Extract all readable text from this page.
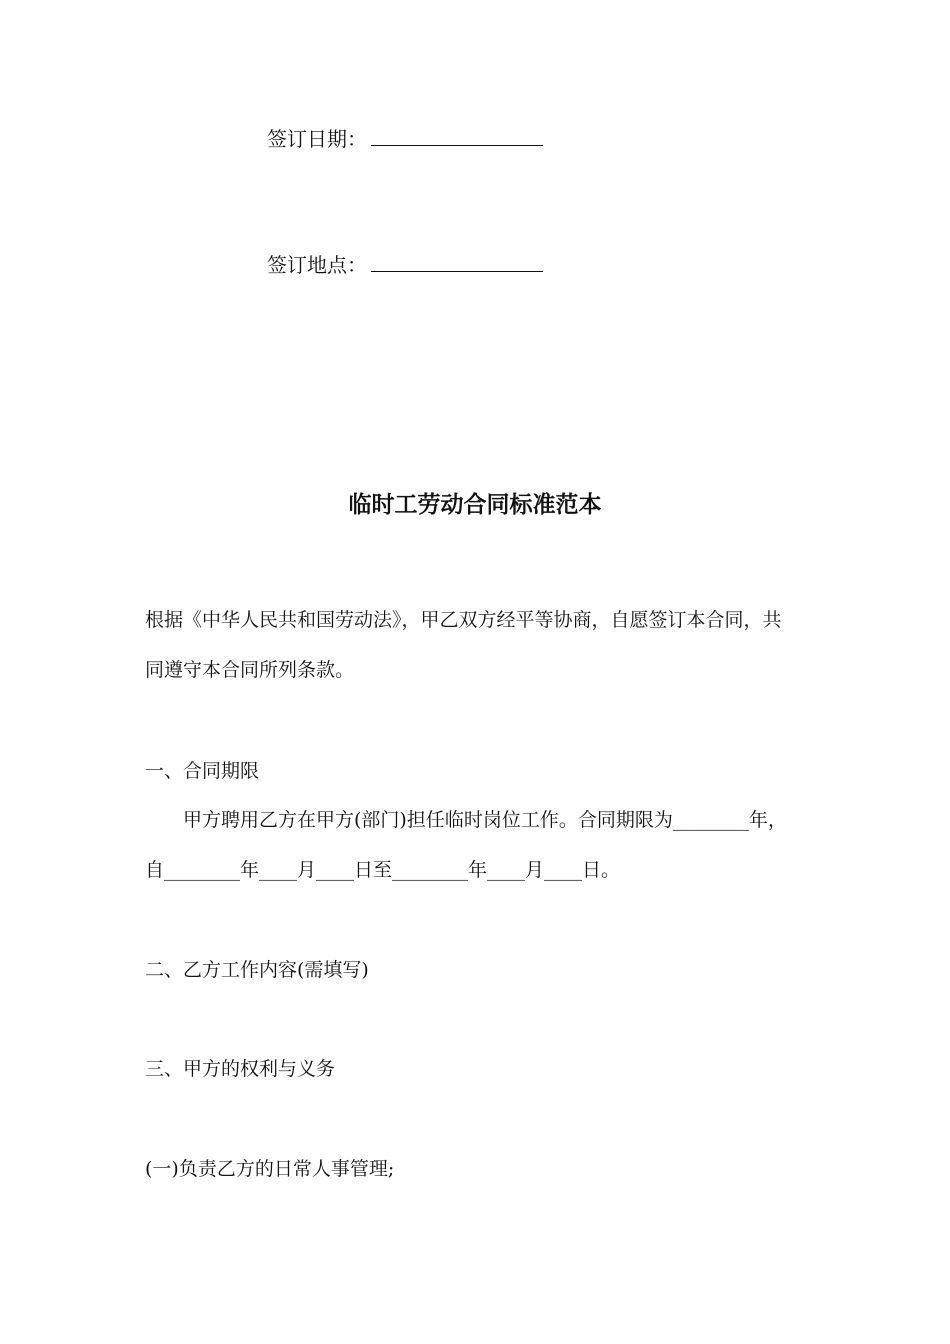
签订日期：
签订地点：
临时工劳动合同标准范本
根据《中华人民共和国劳动法》，甲乙双方经平等协商，自愿签订本合同，共
同遵守本合同所列条款。
一、合同期限
甲方聘用乙方在甲方(部门)担任临时岗位工作。合同期限为________年，
自________年____月____日至________年____月____日。
二、乙方工作内容(需填写)
三、甲方的权利与义务
(一)负责乙方的日常人事管理;
